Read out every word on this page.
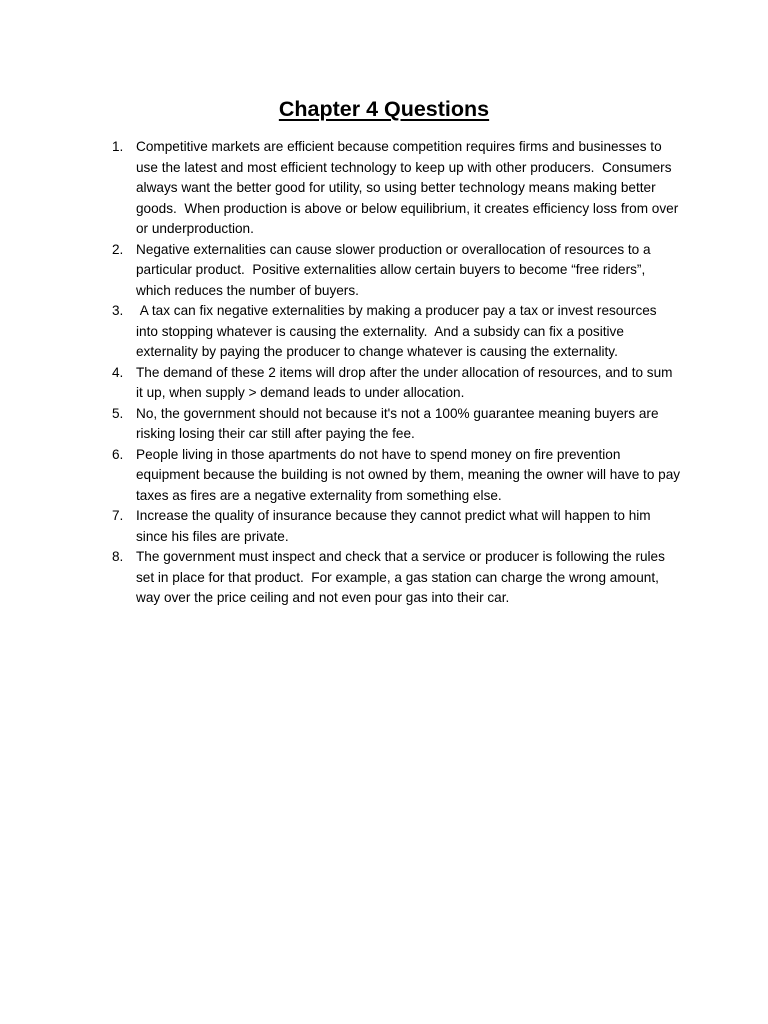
Chapter 4 Questions
1. Competitive markets are efficient because competition requires firms and businesses to use the latest and most efficient technology to keep up with other producers.  Consumers always want the better good for utility, so using better technology means making better goods.  When production is above or below equilibrium, it creates efficiency loss from over or underproduction.
2. Negative externalities can cause slower production or overallocation of resources to a particular product.  Positive externalities allow certain buyers to become “free riders”, which reduces the number of buyers.
3. A tax can fix negative externalities by making a producer pay a tax or invest resources into stopping whatever is causing the externality.  And a subsidy can fix a positive externality by paying the producer to change whatever is causing the externality.
4. The demand of these 2 items will drop after the under allocation of resources, and to sum it up, when supply > demand leads to under allocation.
5. No, the government should not because it's not a 100% guarantee meaning buyers are risking losing their car still after paying the fee.
6. People living in those apartments do not have to spend money on fire prevention equipment because the building is not owned by them, meaning the owner will have to pay taxes as fires are a negative externality from something else.
7. Increase the quality of insurance because they cannot predict what will happen to him since his files are private.
8. The government must inspect and check that a service or producer is following the rules set in place for that product.  For example, a gas station can charge the wrong amount, way over the price ceiling and not even pour gas into their car.
